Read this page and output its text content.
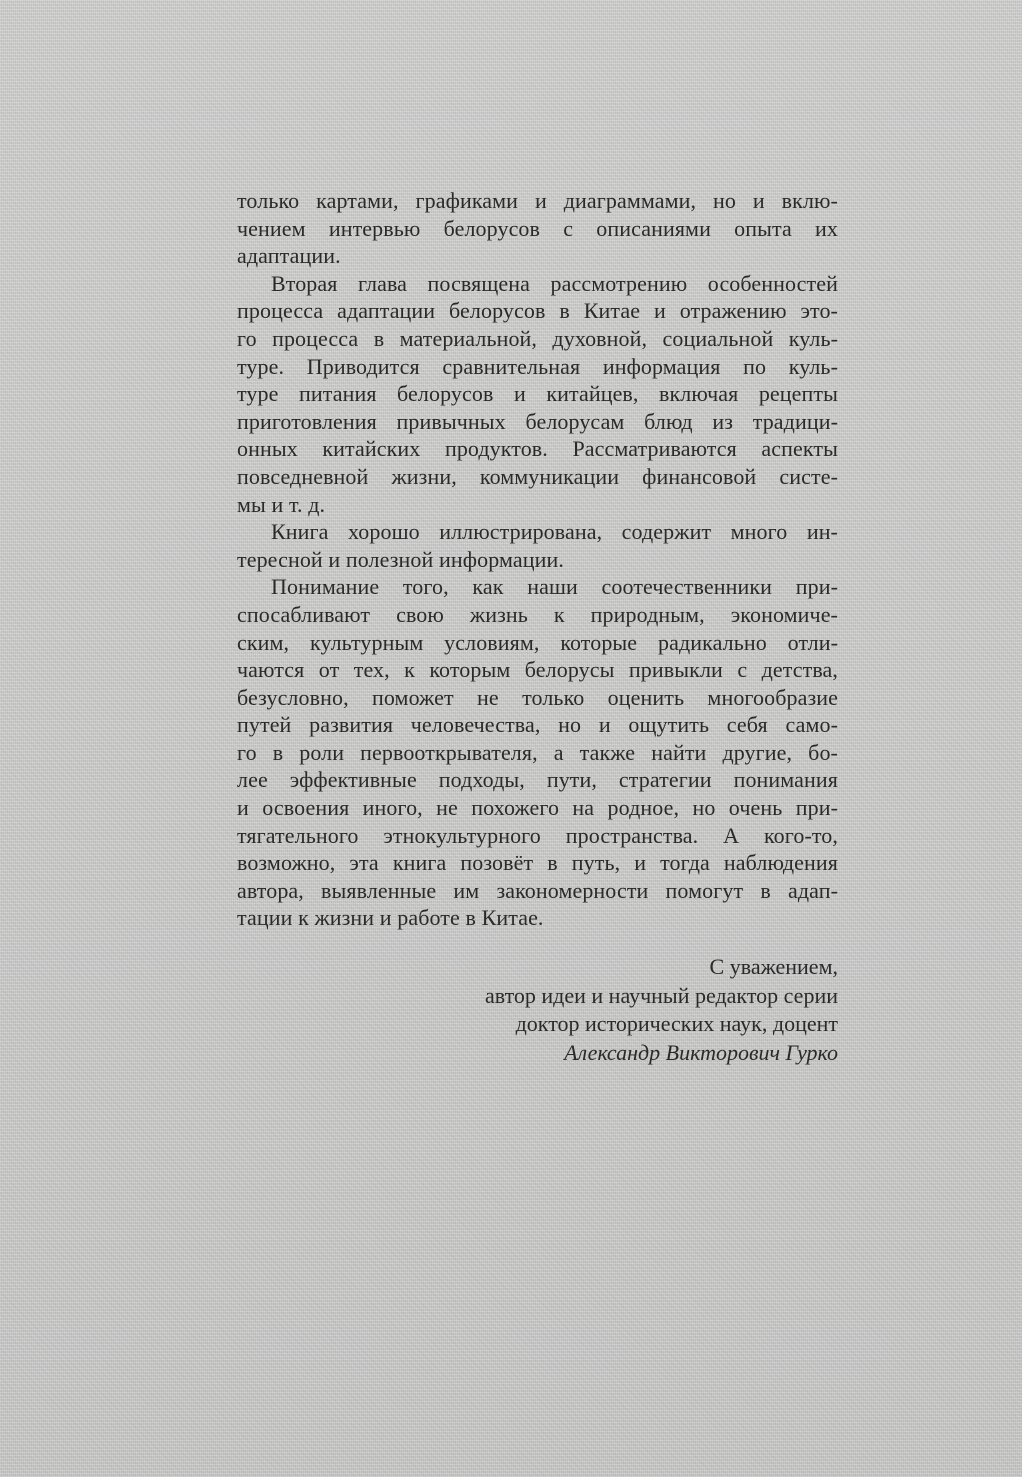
только картами, графиками и диаграммами, но и вклю-
чением интервью белорусов с описаниями опыта их
адаптации.
Вторая глава посвящена рассмотрению особенностей
процесса адаптации белорусов в Китае и отражению это-
го процесса в материальной, духовной, социальной куль-
туре. Приводится сравнительная информация по куль-
туре питания белорусов и китайцев, включая рецепты
приготовления привычных белорусам блюд из традици-
онных китайских продуктов. Рассматриваются аспекты
повседневной жизни, коммуникации финансовой систе-
мы и т. д.
Книга хорошо иллюстрирована, содержит много ин-
тересной и полезной информации.
Понимание того, как наши соотечественники при-
спосабливают свою жизнь к природным, экономиче-
ским, культурным условиям, которые радикально отли-
чаются от тех, к которым белорусы привыкли с детства,
безусловно, поможет не только оценить многообразие
путей развития человечества, но и ощутить себя само-
го в роли первооткрывателя, а также найти другие, бо-
лее эффективные подходы, пути, стратегии понимания
и освоения иного, не похожего на родное, но очень при-
тягательного этнокультурного пространства. А кого-то,
возможно, эта книга позовёт в путь, и тогда наблюдения
автора, выявленные им закономерности помогут в адап-
тации к жизни и работе в Китае.
С уважением,
автор идеи и научный редактор серии
доктор исторических наук, доцент
Александр Викторович Гурко
